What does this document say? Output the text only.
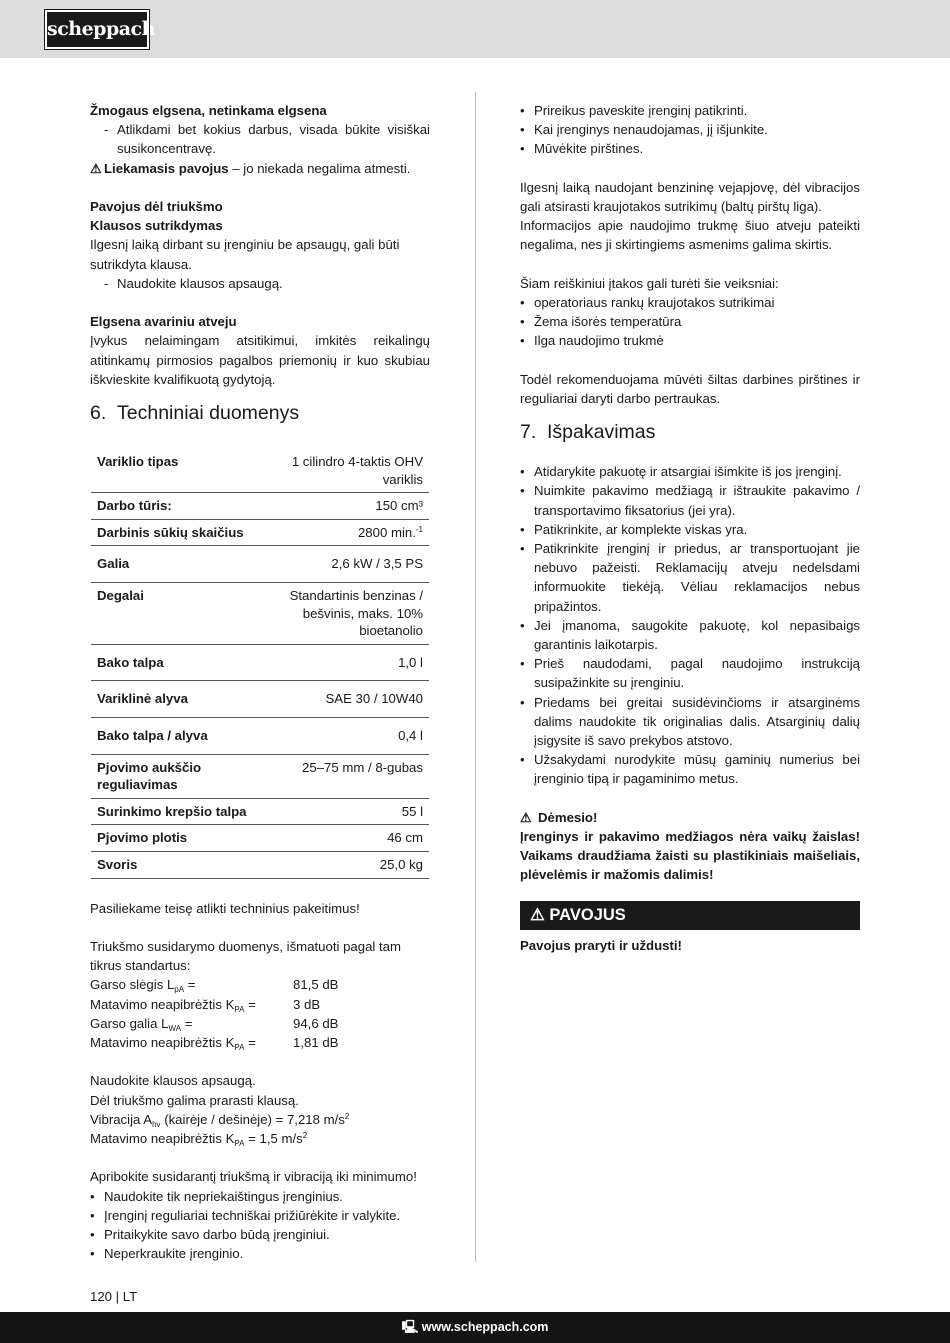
scheppach

Žmogaus elgsena, netinkama elgsena

- Atlikdami bet kokius darbus, visada būkite visiškai susikoncentravę.

⚠ Liekamasis pavojus – jo niekada negalima atmesti.

Pavojus dėl triukšmo

Klausos sutrikdymas

Ilgesnį laiką dirbant su įrenginiu be apsaugų, gali būti sutrikdyta klausa.

- Naudokite klausos apsaugą.

Elgsena avariniu atveju

Įvykus nelaimingam atsitikimui, imkitės reikalingų atitinkamų pirmosios pagalbos priemonių ir kuo skubiau iškvieskite kvalifikuotą gydytoją.

6. Techniniai duomenys
Variklio tipas	1 cilindro 4-taktis OHV variklis
Darbo tūris:	150 cm³
Darbinis sūkių skaičius	2800 min.$^{-1}$
Galia	2,6 kW / 3,5 PS
Degalai	Standartinis benzinas / bešvinis, maks. 10% bioetanolio
Bako talpa	1,0 l
Variklinė alyva	SAE 30 / 10W40
Bako talpa / alyva	0,4 l
Pjovimo aukščio reguliavimas	25–75 mm / 8-gubas
Surinkimo krepšio talpa	55 l
Pjovimo plotis	46 cm
Svoris	25,0 kg

Pasiliekame teisę atlikti techninius pakeitimus!

Triukšmo susidarymo duomenys, išmatuoti pagal tam tikrus standartus:

Garso slėgis $L_{pA}$ =	81,5 dB
Matavimo neapibrėžtis $K_{PA}$ =	3 dB
Garso galia $L_{WA}$ =	94,6 dB
Matavimo neapibrėžtis $K_{PA}$ =	1,81 dB

Naudokite klausos apsaugą.

Dėl triukšmo galima prarasti klausą.

Vibracija $A_{hv}$ (kairėje / dešinėje) = 7,218 $m/s^2$

Matavimo neapibrėžtis $K_{PA} = 1,5$ $m/s^2$

Apribokite susidarantį triukšmą ir vibraciją iki minimumo!

• Naudokite tik nepriekaištingus įrenginius.

• Įrenginį reguliariai techniškai prižiūrėkite ir valykite.

• Pritaikykite savo darbo būdą įrenginiui.

• Neperkraukite įrenginio.

• Prireikus paveskite įrenginį patikrinti.

• Kai įrenginys nenaudojamas, jį išjunkite.

• Mūvėkite pirštines.

Ilgesnį laiką naudojant benzininę vejapjovę, dėl vibracijos gali atsirasti kraujotakos sutrikimų (baltų pirštų liga).

Informacijos apie naudojimo trukmę šiuo atveju pateikti negalima, nes ji skirtingiems asmenims galima skirtis.

Šiam reiškiniui įtakos gali turėti šie veiksniai:

• operatoriaus rankų kraujotakos sutrikimai

• Žema išorės temperatūra

• Ilga naudojimo trukmė

Todėl rekomenduojama mūvėti šiltas darbines pirštines ir reguliariai daryti darbo pertraukas.

7. Išpakavimas

• Atidarykite pakuotę ir atsargiai išimkite iš jos įrenginį.

• Nuimkite pakavimo medžiagą ir ištraukite pakavimo / transportavimo fiksatorius (jei yra).

• Patikrinkite, ar komplekte viskas yra.

• Patikrinkite įrenginį ir priedus, ar transportuojant jie nebuvo pažeisti. Reklamacijų atveju nedelsdami informuokite tiekėją. Vėliau reklamacijos nebus pripažintos.

• Jei įmanoma, saugokite pakuotę, kol nepasibaigs garantinis laikotarpis.

• Prieš naudodami, pagal naudojimo instrukciją susipažinkite su įrenginiu.

• Priedams bei greitai susidėvinčioms ir atsarginėms dalims naudokite tik originalias dalis. Atsarginių dalių įsigysite iš savo prekybos atstovo.

• Užsakydami nurodykite mūsų gaminių numerius bei įrenginio tipą ir pagaminimo metus.

⚠ Dėmesio!

Įrenginys ir pakavimo medžiagos nėra vaikų žaislas! Vaikams draudžiama žaisti su plastikiniais maišeliais, plėvelėmis ir mažomis dalimis!

⚠ PAVOJUS

Pavojus praryti ir uždusti!

120 | LT
🖳 www.scheppach.com
